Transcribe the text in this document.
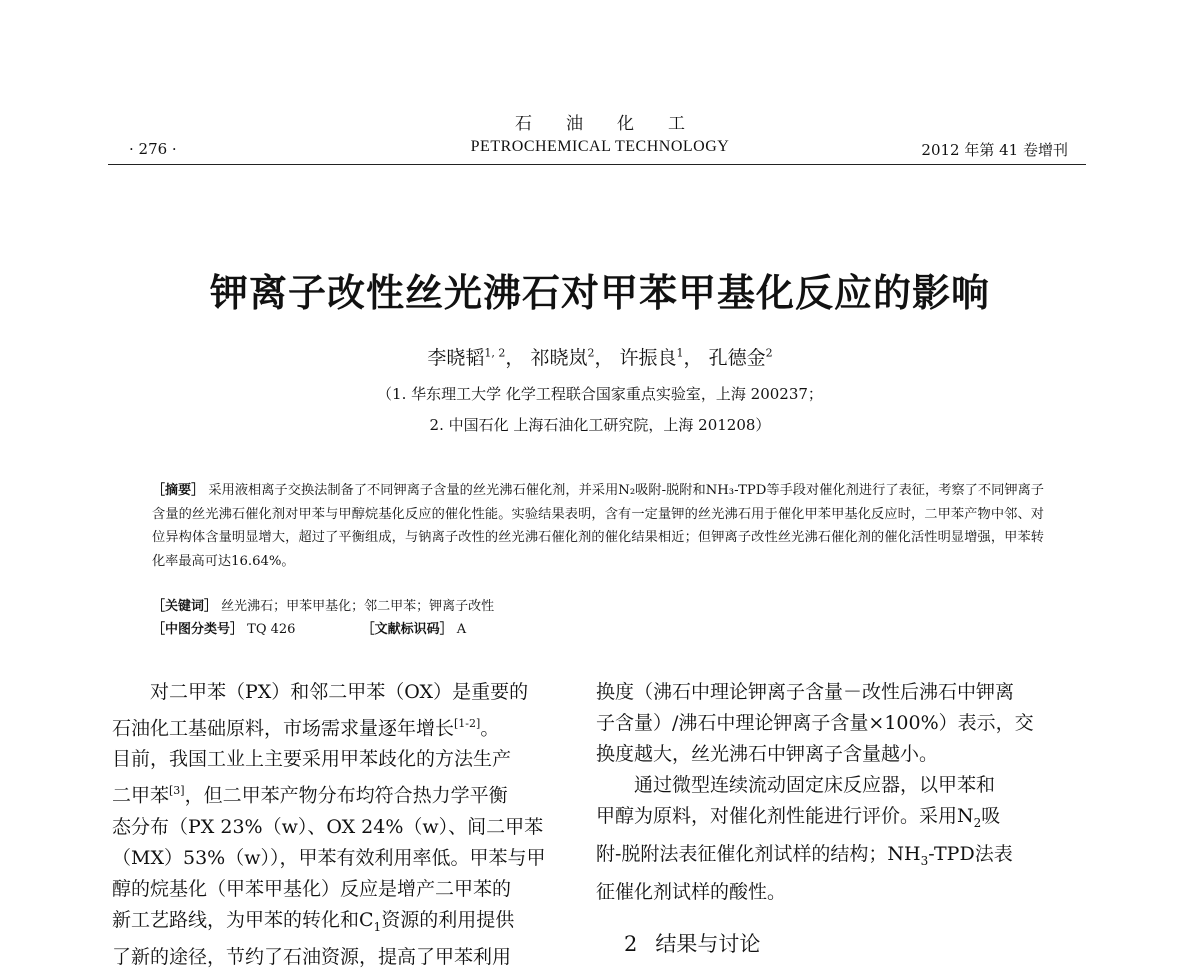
石油化工
· 276 ·	PETROCHEMICAL TECHNOLOGY	2012 年第 41 卷增刊
钾离子改性丝光沸石对甲苯甲基化反应的影响
李晓韬$^{1, 2}$， 祁晓岚$^2$， 许振良$^1$， 孔德金$^2$
（1. 华东理工大学 化学工程联合国家重点实验室，上海 200237；
2. 中国石化 上海石油化工研究院，上海 201208）
［摘要］ 采用液相离子交换法制备了不同钾离子含量的丝光沸石催化剂，并采用N₂吸附-脱附和NH₃-TPD等手段对催化剂进行了表征，考察了不同钾离子含量的丝光沸石催化剂对甲苯与甲醇烷基化反应的催化性能。实验结果表明，含有一定量钾的丝光沸石用于催化甲苯甲基化反应时，二甲苯产物中邻、对位异构体含量明显增大，超过了平衡组成，与钠离子改性的丝光沸石催化剂的催化结果相近；但钾离子改性丝光沸石催化剂的催化活性明显增强，甲苯转化率最高可达16.64%。
［关键词］ 丝光沸石；甲苯甲基化；邻二甲苯；钾离子改性
［中图分类号］ TQ 426	［文献标识码］ A

对二甲苯（PX）和邻二甲苯（OX）是重要的

石油化工基础原料，市场需求量逐年增长[1-2]。

目前，我国工业上主要采用甲苯歧化的方法生产

二甲苯[3]，但二甲苯产物分布均符合热力学平衡

态分布（PX 23%（w）、OX 24%（w）、间二甲苯

（MX）53%（w）），甲苯有效利用率低。甲苯与甲

醇的烷基化（甲苯甲基化）反应是增产二甲苯的

新工艺路线，为甲苯的转化和$C_1$资源的利用提供

了新的途径，节约了石油资源，提高了甲苯利用

换度（沸石中理论钾离子含量－改性后沸石中钾离

子含量）/沸石中理论钾离子含量×100%）表示，交

换度越大，丝光沸石中钾离子含量越小。

通过微型连续流动固定床反应器，以甲苯和

甲醇为原料，对催化剂性能进行评价。采用$N_2$吸

附-脱附法表征催化剂试样的结构；$NH_3$-TPD法表

征催化剂试样的酸性。

2 结果与讨论
